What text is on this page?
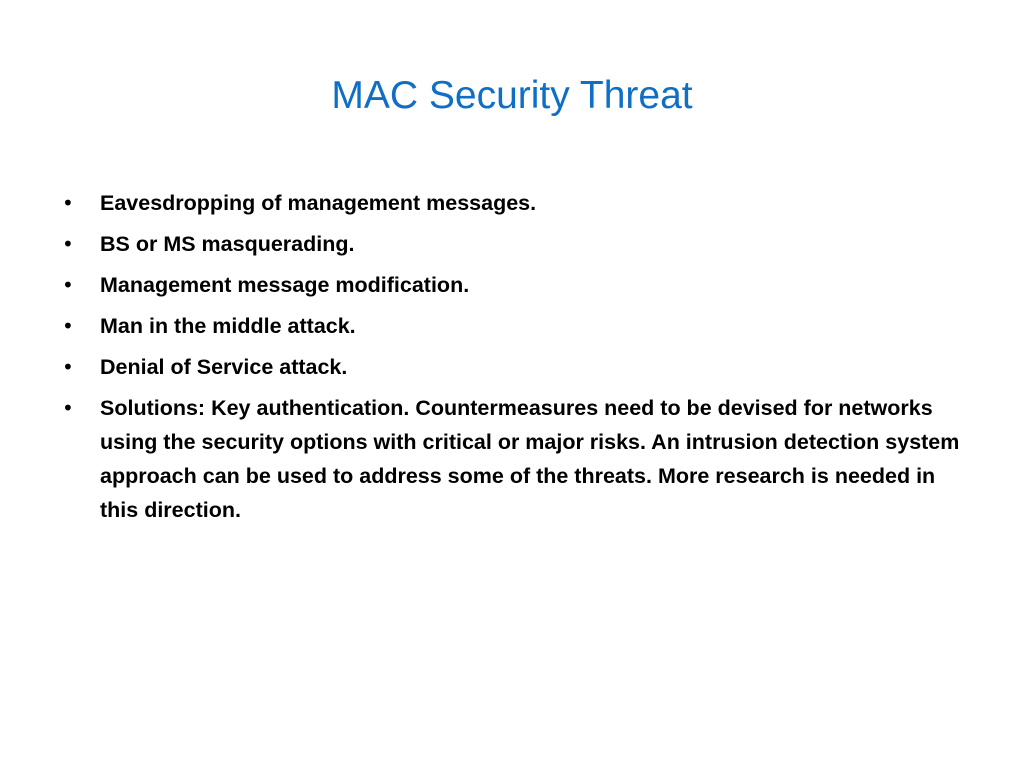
MAC Security Threat
•	Eavesdropping of management messages.
•	BS or MS masquerading.
•	Management message modification.
•	Man in the middle attack.
•	Denial of Service attack.
•	Solutions: Key authentication. Countermeasures need to be devised for networks using the security options with critical or major risks. An intrusion detection system approach can be used to address some of the threats. More research is needed in this direction.
